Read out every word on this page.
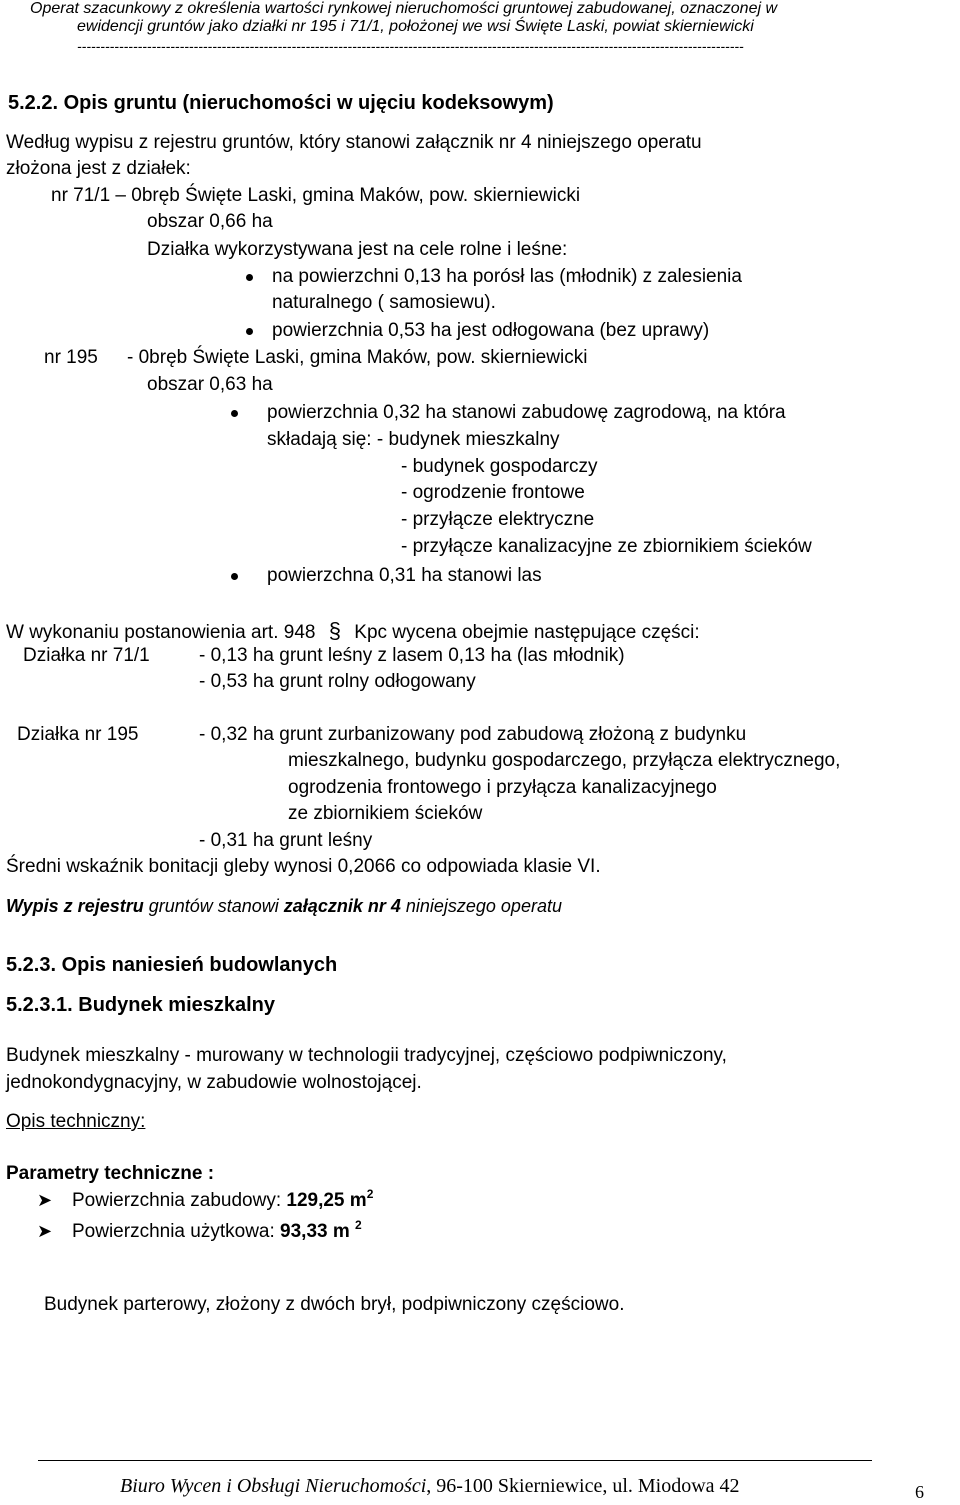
Operat szacunkowy z określenia wartości rynkowej nieruchomości gruntowej zabudowanej, oznaczonej w
ewidencji gruntów jako działki nr 195 i 71/1, położonej we wsi Święte Laski, powiat skierniewicki
-----------------------------------------------------------------------------------------------------------------------------------------------
5.2.2. Opis gruntu (nieruchomości w ujęciu kodeksowym)
Według wypisu z rejestru gruntów, który stanowi załącznik nr 4 niniejszego operatu
złożona jest z działek:
nr 71/1 ‒ 0bręb Święte Laski, gmina Maków, pow. skierniewicki
obszar 0,66 ha
Działka wykorzystywana jest na cele rolne i leśne:
na powierzchni 0,13 ha porósł las (młodnik) z zalesienia
naturalnego ( samosiewu).
powierzchnia 0,53 ha jest odłogowana (bez uprawy)
nr 195 - 0bręb Święte Laski, gmina Maków, pow. skierniewicki
obszar 0,63 ha
powierzchnia 0,32 ha stanowi zabudowę zagrodową, na która
składają się: - budynek mieszkalny
- budynek gospodarczy
- ogrodzenie frontowe
- przyłącze elektryczne
- przyłącze kanalizacyjne ze zbiornikiem ścieków
powierzchna 0,31 ha stanowi las
W wykonaniu postanowienia art. 948 § Kpc wycena obejmie następujące części:
Działka nr 71/1	- 0,13 ha grunt leśny z lasem 0,13 ha (las młodnik)
- 0,53 ha grunt rolny odłogowany
Działka nr 195	- 0,32 ha grunt zurbanizowany pod zabudową złożoną z budynku
mieszkalnego, budynku gospodarczego, przyłącza elektrycznego,
ogrodzenia frontowego i przyłącza kanalizacyjnego
ze zbiornikiem ścieków
- 0,31 ha grunt leśny
Średni wskaźnik bonitacji gleby wynosi 0,2066 co odpowiada klasie VI.
Wypis z rejestru gruntów stanowi załącznik nr 4 niniejszego operatu
5.2.3. Opis naniesień budowlanych
5.2.3.1. Budynek mieszkalny
Budynek mieszkalny - murowany w technologii tradycyjnej, częściowo podpiwniczony,
jednokondygnacyjny, w zabudowie wolnostojącej.
Opis techniczny:
Parametry techniczne :
➤ Powierzchnia zabudowy: 129,25 $m^2$
➤ Powierzchnia użytkowa: 93,33 m $^2$
Budynek parterowy, złożony z dwóch brył, podpiwniczony częściowo.
Biuro Wycen i Obsługi Nieruchomości, 96-100 Skierniewice, ul. Miodowa 42	6
